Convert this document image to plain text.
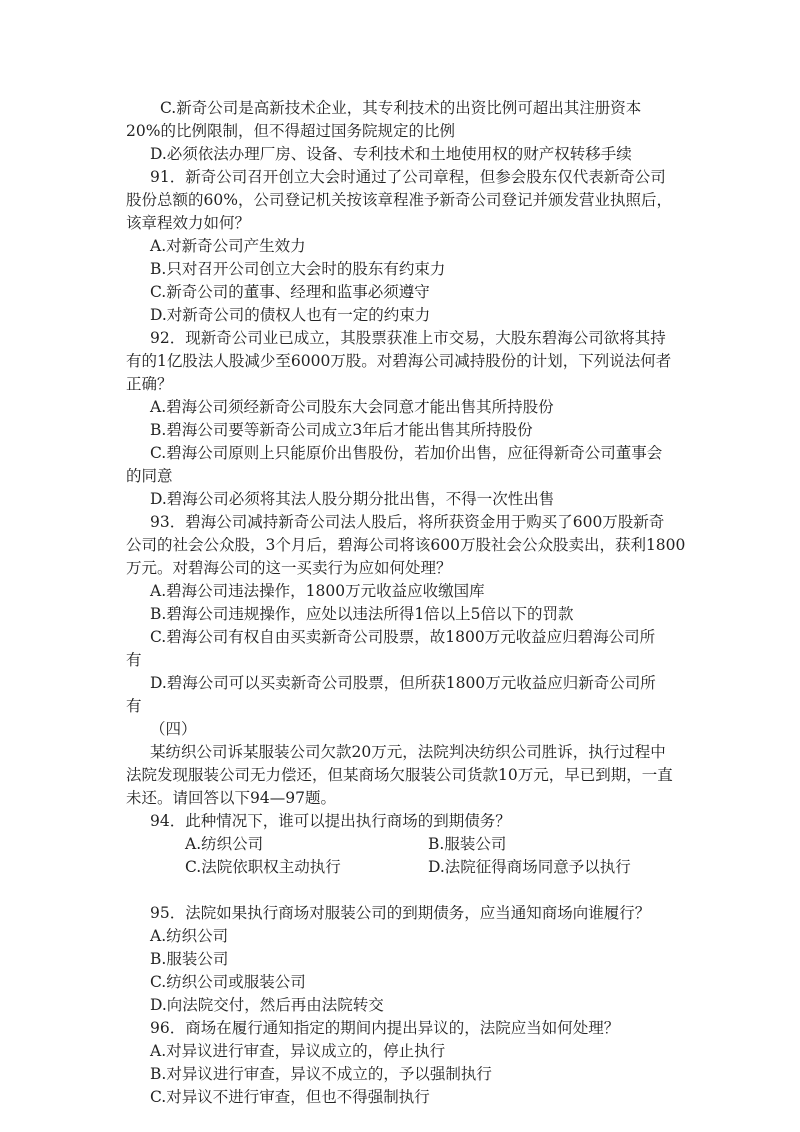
C.新奇公司是高新技术企业，其专利技术的出资比例可超出其注册资本
20%的比例限制，但不得超过国务院规定的比例
D.必须依法办理厂房、设备、专利技术和土地使用权的财产权转移手续
91．新奇公司召开创立大会时通过了公司章程，但参会股东仅代表新奇公司
股份总额的60%，公司登记机关按该章程准予新奇公司登记并颁发营业执照后，
该章程效力如何？
A.对新奇公司产生效力
B.只对召开公司创立大会时的股东有约束力
C.新奇公司的董事、经理和监事必须遵守
D.对新奇公司的债权人也有一定的约束力
92．现新奇公司业已成立，其股票获准上市交易，大股东碧海公司欲将其持
有的1亿股法人股减少至6000万股。对碧海公司减持股份的计划，下列说法何者
正确？
A.碧海公司须经新奇公司股东大会同意才能出售其所持股份
B.碧海公司要等新奇公司成立3年后才能出售其所持股份
C.碧海公司原则上只能原价出售股份，若加价出售，应征得新奇公司董事会
的同意
D.碧海公司必须将其法人股分期分批出售，不得一次性出售
93．碧海公司减持新奇公司法人股后，将所获资金用于购买了600万股新奇
公司的社会公众股，3个月后，碧海公司将该600万股社会公众股卖出，获利1800
万元。对碧海公司的这一买卖行为应如何处理？
A.碧海公司违法操作，1800万元收益应收缴国库
B.碧海公司违规操作，应处以违法所得1倍以上5倍以下的罚款
C.碧海公司有权自由买卖新奇公司股票，故1800万元收益应归碧海公司所
有
D.碧海公司可以买卖新奇公司股票，但所获1800万元收益应归新奇公司所
有
（四）
某纺织公司诉某服装公司欠款20万元，法院判决纺织公司胜诉，执行过程中
法院发现服装公司无力偿还，但某商场欠服装公司货款10万元，早已到期，一直
未还。请回答以下94—97题。
94．此种情况下，谁可以提出执行商场的到期债务？
A.纺织公司	B.服装公司
C.法院依职权主动执行	D.法院征得商场同意予以执行
95．法院如果执行商场对服装公司的到期债务，应当通知商场向谁履行？
A.纺织公司
B.服装公司
C.纺织公司或服装公司
D.向法院交付，然后再由法院转交
96．商场在履行通知指定的期间内提出异议的，法院应当如何处理？
A.对异议进行审查，异议成立的，停止执行
B.对异议进行审查，异议不成立的，予以强制执行
C.对异议不进行审查，但也不得强制执行
